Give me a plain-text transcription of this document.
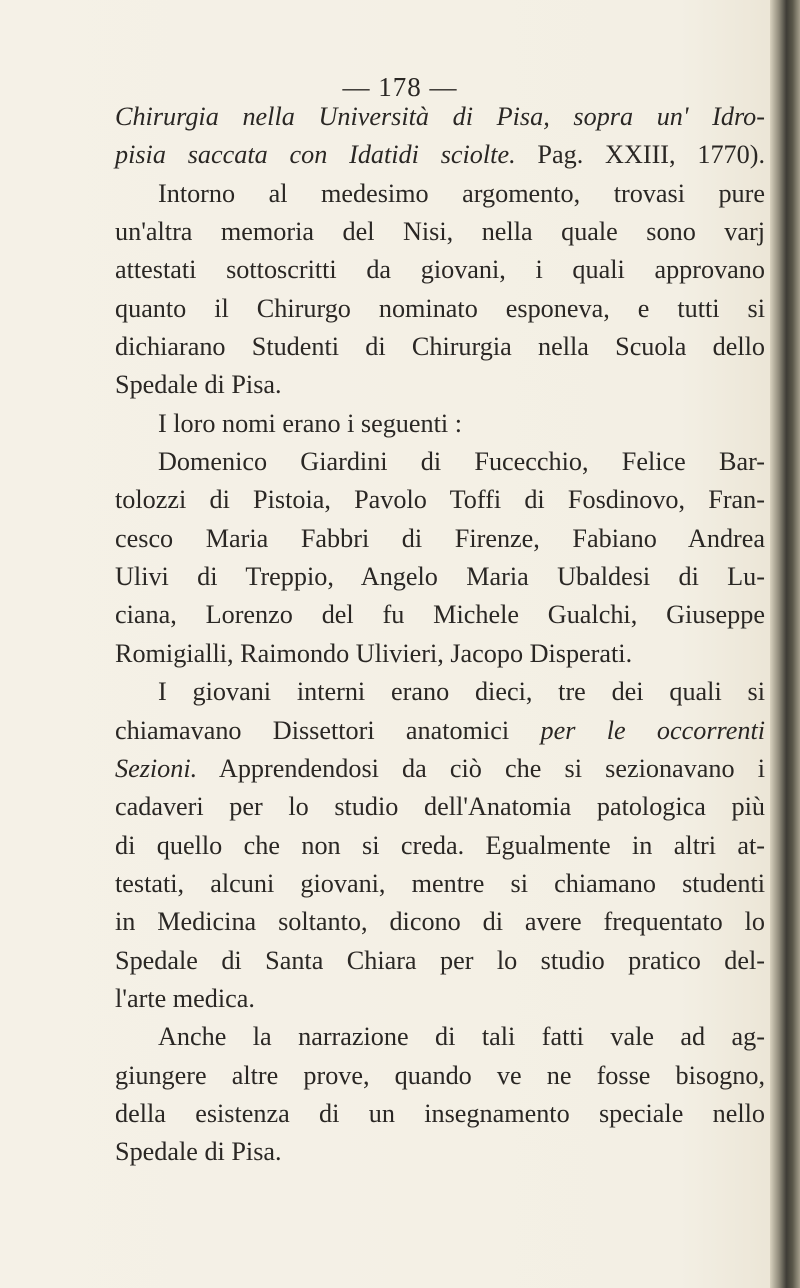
— 178 —
Chirurgia nella Università di Pisa, sopra un' Idro-
pisia saccata con Idatidi sciolte. Pag. XXIII, 1770).
Intorno al medesimo argomento, trovasi pure
un'altra memoria del Nisi, nella quale sono varj
attestati sottoscritti da giovani, i quali approvano
quanto il Chirurgo nominato esponeva, e tutti si
dichiarano Studenti di Chirurgia nella Scuola dello
Spedale di Pisa.
I loro nomi erano i seguenti :
Domenico Giardini di Fucecchio, Felice Bar-
tolozzi di Pistoia, Pavolo Toffi di Fosdinovo, Fran-
cesco Maria Fabbri di Firenze, Fabiano Andrea
Ulivi di Treppio, Angelo Maria Ubaldesi di Lu-
ciana, Lorenzo del fu Michele Gualchi, Giuseppe
Romigialli, Raimondo Ulivieri, Jacopo Disperati.
I giovani interni erano dieci, tre dei quali si
chiamavano Dissettori anatomici per le occorrenti
Sezioni. Apprendendosi da ciò che si sezionavano i
cadaveri per lo studio dell'Anatomia patologica più
di quello che non si creda. Egualmente in altri at-
testati, alcuni giovani, mentre si chiamano studenti
in Medicina soltanto, dicono di avere frequentato lo
Spedale di Santa Chiara per lo studio pratico del-
l'arte medica.
Anche la narrazione di tali fatti vale ad ag-
giungere altre prove, quando ve ne fosse bisogno,
della esistenza di un insegnamento speciale nello
Spedale di Pisa.
